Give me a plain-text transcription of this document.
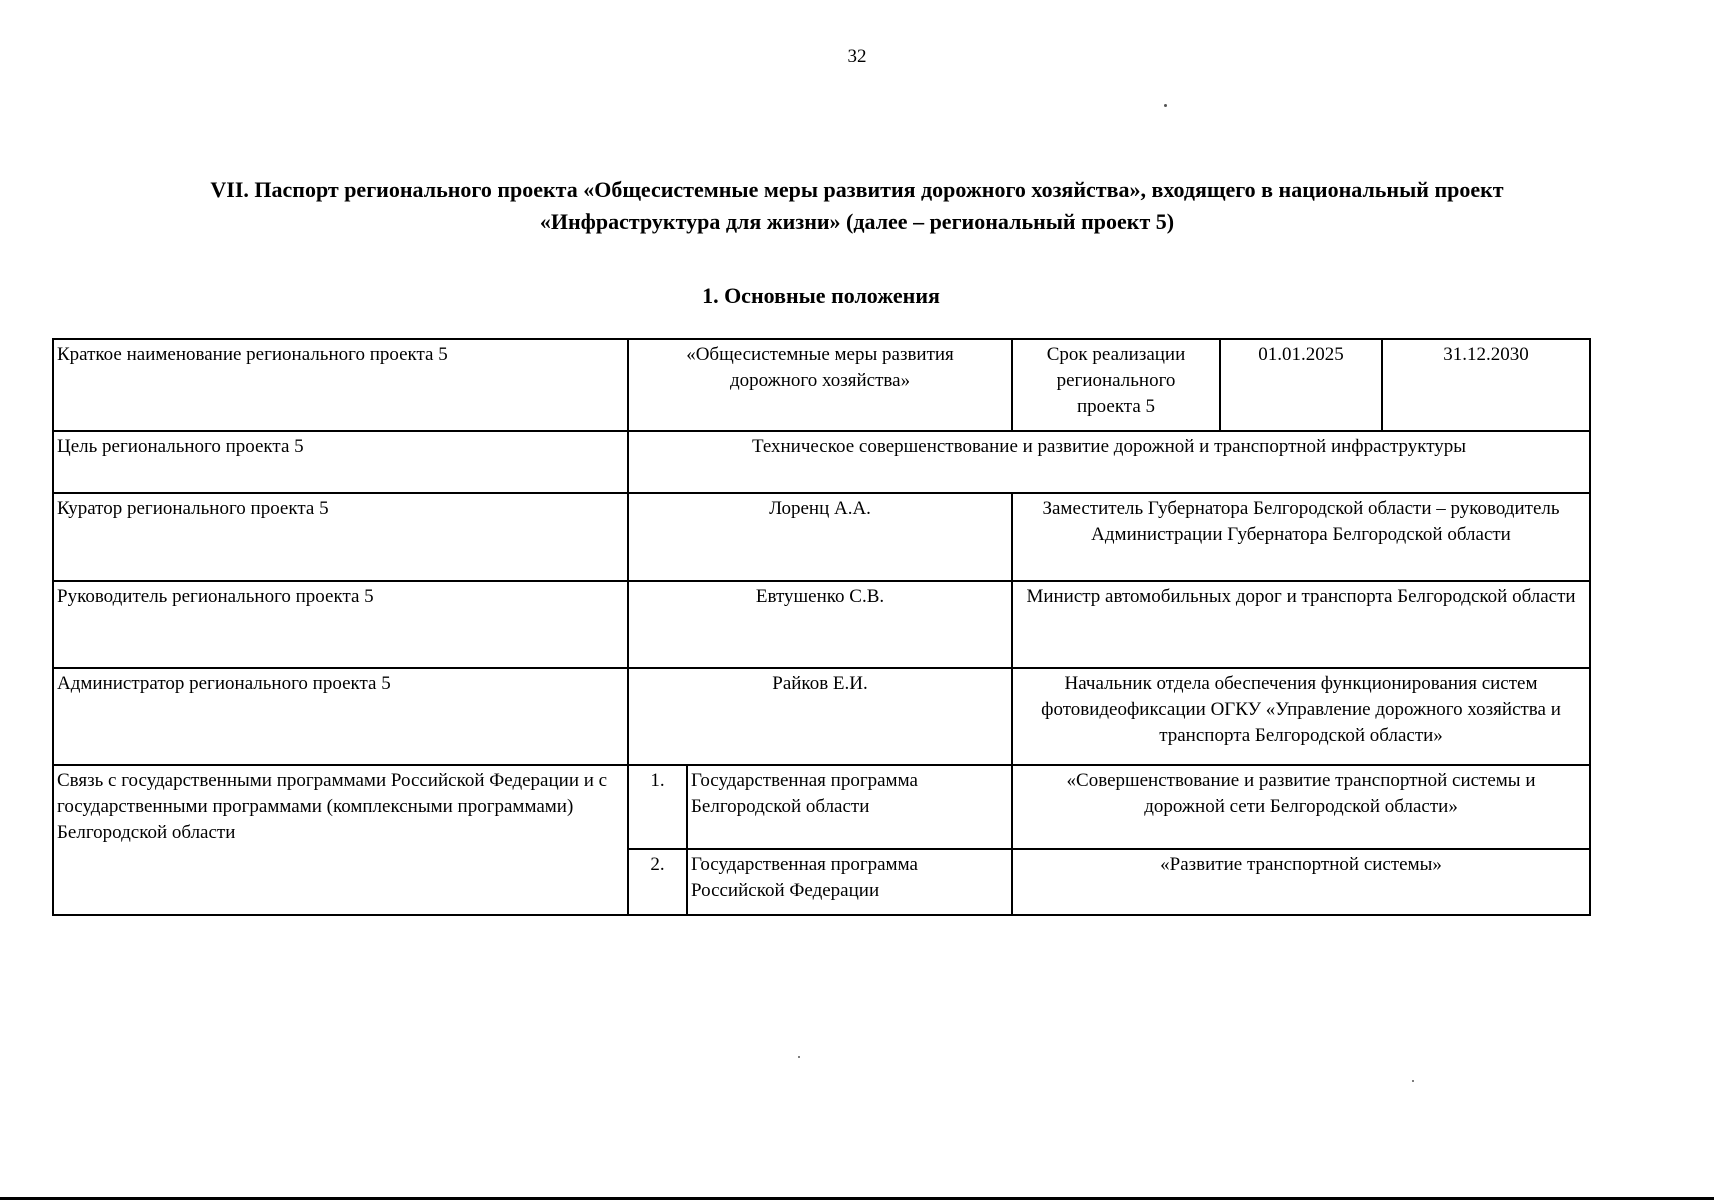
32
VII. Паспорт регионального проекта «Общесистемные меры развития дорожного хозяйства», входящего в национальный проект
«Инфраструктура для жизни» (далее – региональный проект 5)
1. Основные положения
Краткое наименование регионального проекта 5	«Общесистемные меры развития дорожного хозяйства»		Срок реализации регионального проекта 5	01.01.2025	31.12.2030
Цель регионального проекта 5	Техническое совершенствование и развитие дорожной и транспортной инфраструктуры				
Куратор регионального проекта 5	Лоренц А.А.		Заместитель Губернатора Белгородской области – руководитель Администрации Губернатора Белгородской области		
Руководитель регионального проекта 5	Евтушенко С.В.		Министр автомобильных дорог и транспорта Белгородской области		
Администратор регионального проекта 5	Райков Е.И.		Начальник отдела обеспечения функционирования систем фотовидеофиксации ОГКУ «Управление дорожного хозяйства и транспорта Белгородской области»		
Связь с государственными программами Российской Федерации и с государственными программами (комплексными программами) Белгородской области	1.	Государственная программа Белгородской области	«Совершенствование и развитие транспортной системы и дорожной сети Белгородской области»		
	2.	Государственная программа Российской Федерации	«Развитие транспортной системы»		
